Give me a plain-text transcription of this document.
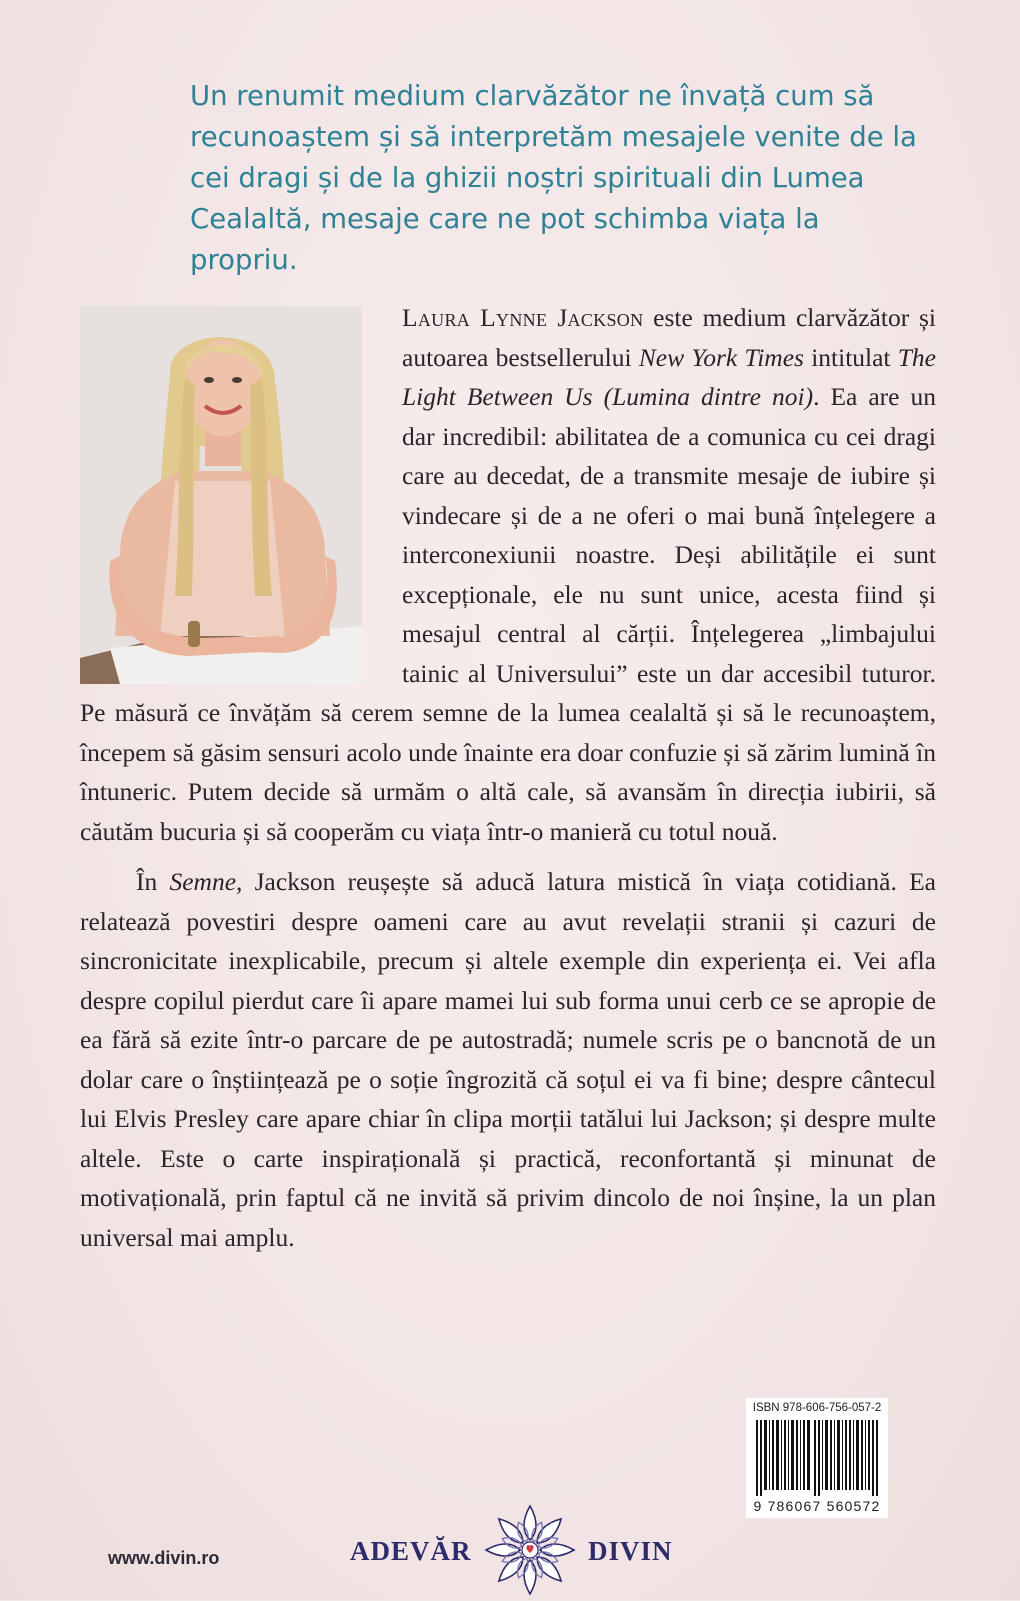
Un renumit medium clarvăzător ne învață cum să recunoaștem și să interpretăm mesajele venite de la cei dragi și de la ghizii noștri spirituali din Lumea Cealaltă, mesaje care ne pot schimba viața la propriu.

Laura Lynne Jackson este medium clarvăzător și autoarea bestsellerului New York Times intitulat The Light Between Us (Lumina dintre noi). Ea are un dar incredibil: abilitatea de a comunica cu cei dragi care au decedat, de a transmite mesaje de iubire și vindecare și de a ne oferi o mai bună înțelegere a interconexiunii noastre. Deși abilitățile ei sunt excepționale, ele nu sunt unice, acesta fiind și mesajul central al cărții. Înțelegerea „limbajului tainic al Universului” este un dar accesibil tuturor. Pe măsură ce învățăm să cerem semne de la lumea cealaltă și să le recunoaștem, începem să găsim sensuri acolo unde înainte era doar confuzie și să zărim lumină în întuneric. Putem decide să urmăm o altă cale, să avansăm în direcția iubirii, să căutăm bucuria și să cooperăm cu viața într-o manieră cu totul nouă.

În Semne, Jackson reușește să aducă latura mistică în viața cotidiană. Ea relatează povestiri despre oameni care au avut revelații stranii și cazuri de sincronicitate inexplicabile, precum și altele exemple din experiența ei. Vei afla despre copilul pierdut care îi apare mamei lui sub forma unui cerb ce se apropie de ea fără să ezite într-o parcare de pe autostradă; numele scris pe o bancnotă de un dolar care o înștiințează pe o soție îngrozită că soțul ei va fi bine; despre cântecul lui Elvis Presley care apare chiar în clipa morții tatălui lui Jackson; și despre multe altele. Este o carte inspirațională și practică, reconfortantă și minunat de motivațională, prin faptul că ne invită să privim dincolo de noi înșine, la un plan universal mai amplu.

ISBN 978-606-756-057-2
9 786067 560572
www.divin.ro	ADEVĂR	DIVIN
